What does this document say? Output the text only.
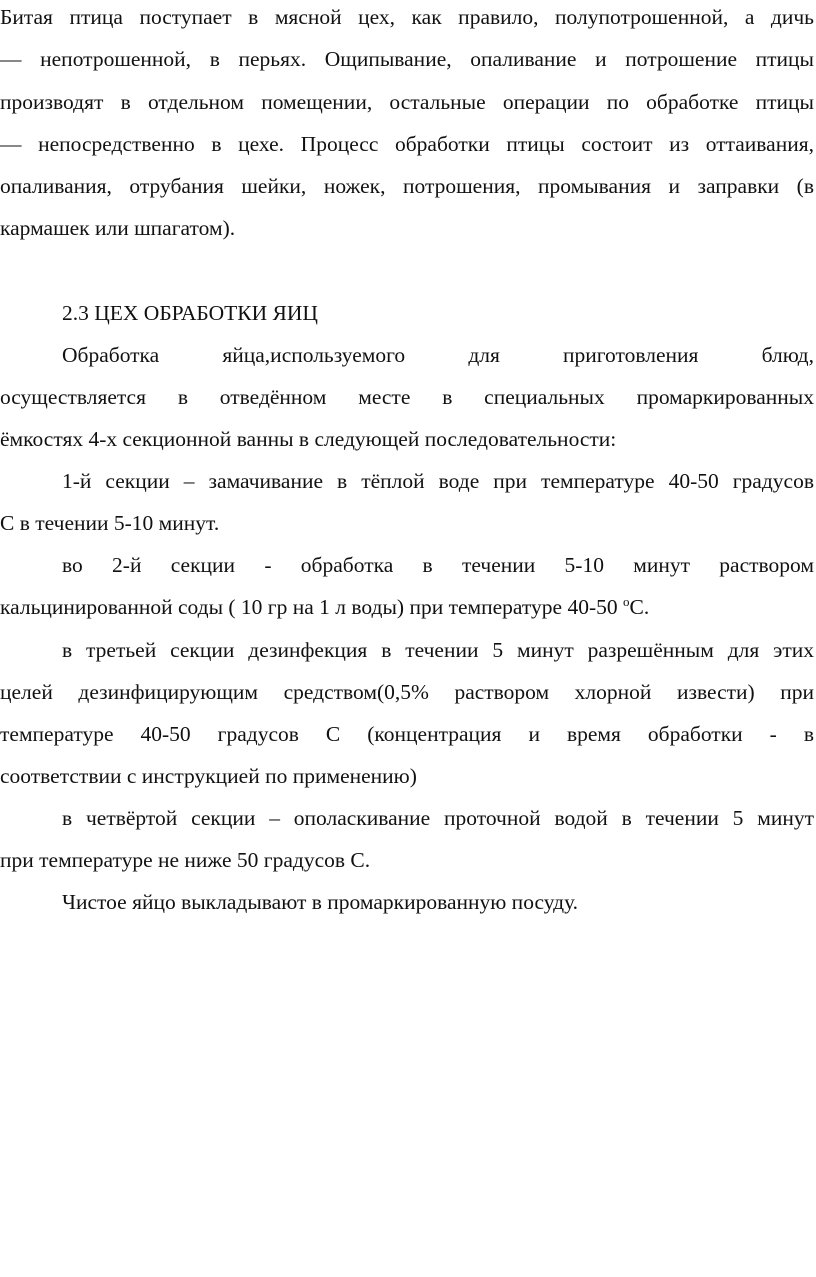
Битая птица поступает в мясной цех, как правило, полупотрошенной, а дичь
— непотрошенной, в перьях. Ощипывание, опаливание и потрошение птицы
производят в отдельном помещении, остальные операции по обработке птицы
— непосредственно в цехе. Процесс обработки птицы состоит из оттаивания,
опаливания, отрубания шейки, ножек, потрошения, промывания и заправки (в
кармашек или шпагатом).
2.3 ЦЕХ ОБРАБОТКИ ЯИЦ
Обработка яйца,используемого для приготовления блюд,
осуществляется в отведённом месте в специальных промаркированных
ёмкостях 4-х секционной ванны в следующей последовательности:
1-й секции – замачивание в тёплой воде при температуре 40-50 градусов
С в течении 5-10 минут.
во 2-й секции - обработка в течении 5-10 минут раствором
кальцинированной соды ( 10 гр на 1 л воды) при температуре 40-50 $^o$С.
в третьей секции дезинфекция в течении 5 минут разрешённым для этих
целей дезинфицирующим средством(0,5% раствором хлорной извести) при
температуре 40-50 градусов С (концентрация и время обработки - в
соответствии с инструкцией по применению)
в четвёртой секции – ополаскивание проточной водой в течении 5 минут
при температуре не ниже 50 градусов С.
Чистое яйцо выкладывают в промаркированную посуду.
